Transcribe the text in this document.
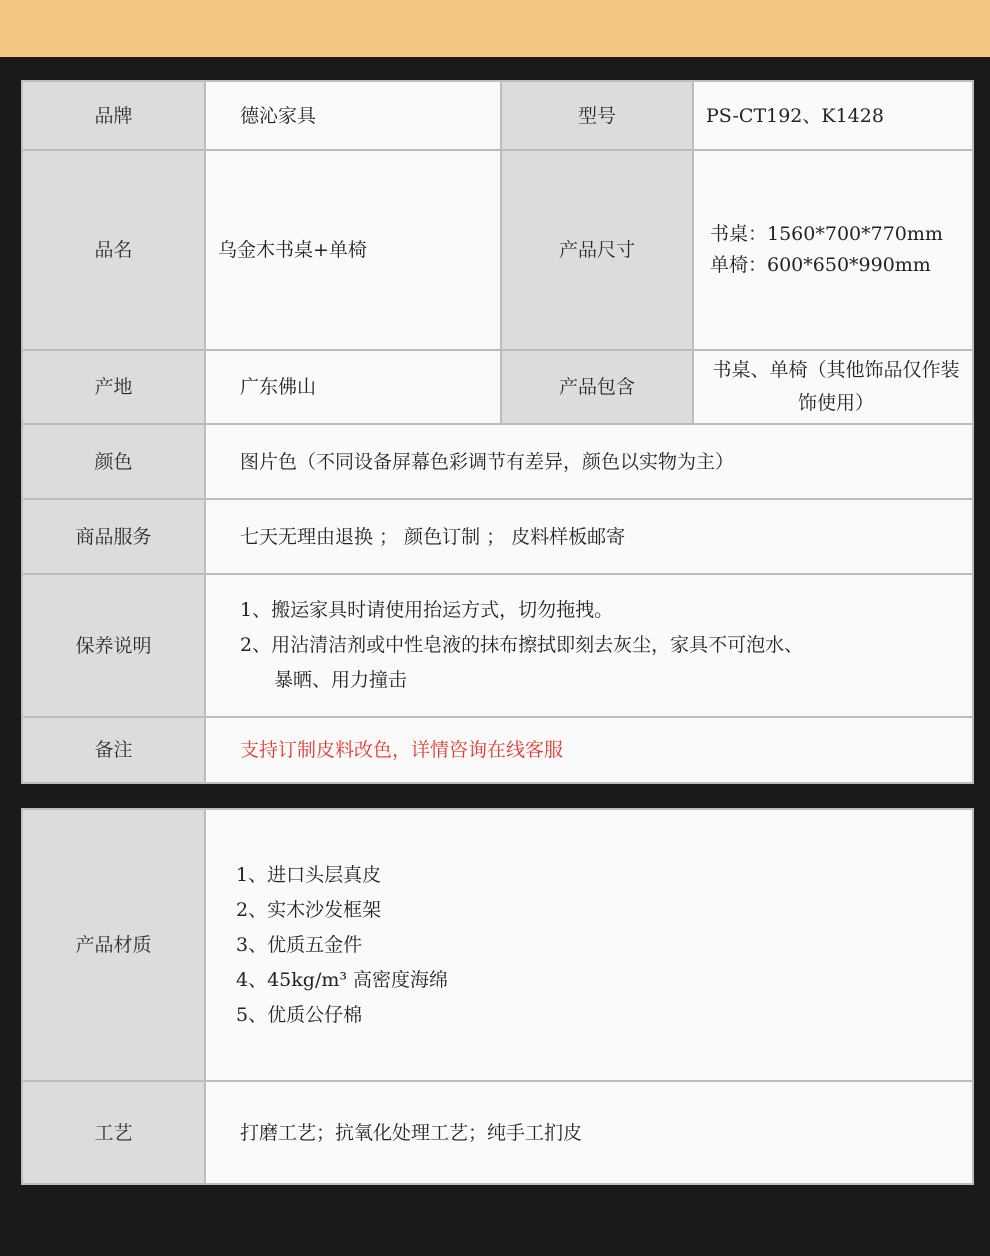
品牌	德沁家具	型号	PS-CT192、K1428
品名	乌金木书桌+单椅	产品尺寸	书桌：1560*700*770mm
单椅：600*650*990mm

产地	广东佛山	产品包含	书桌、单椅（其他饰品仅作装
饰使用）

颜色	图片色（不同设备屏幕色彩调节有差异，颜色以实物为主）		
商品服务	七天无理由退换 ； 颜色订制 ； 皮料样板邮寄		
保养说明	1、搬运家具时请使用抬运方式，切勿拖拽。
2、用沾清洁剂或中性皂液的抹布擦拭即刻去灰尘，家具不可泡水、
暴晒、用力撞击		

备注	支持订制皮料改色，详情咨询在线客服		
产品材质	1、进口头层真皮
2、实木沙发框架
3、优质五金件
4、45kg/m³ 高密度海绵
5、优质公仔棉

工艺	打磨工艺；抗氧化处理工艺；纯手工扪皮
